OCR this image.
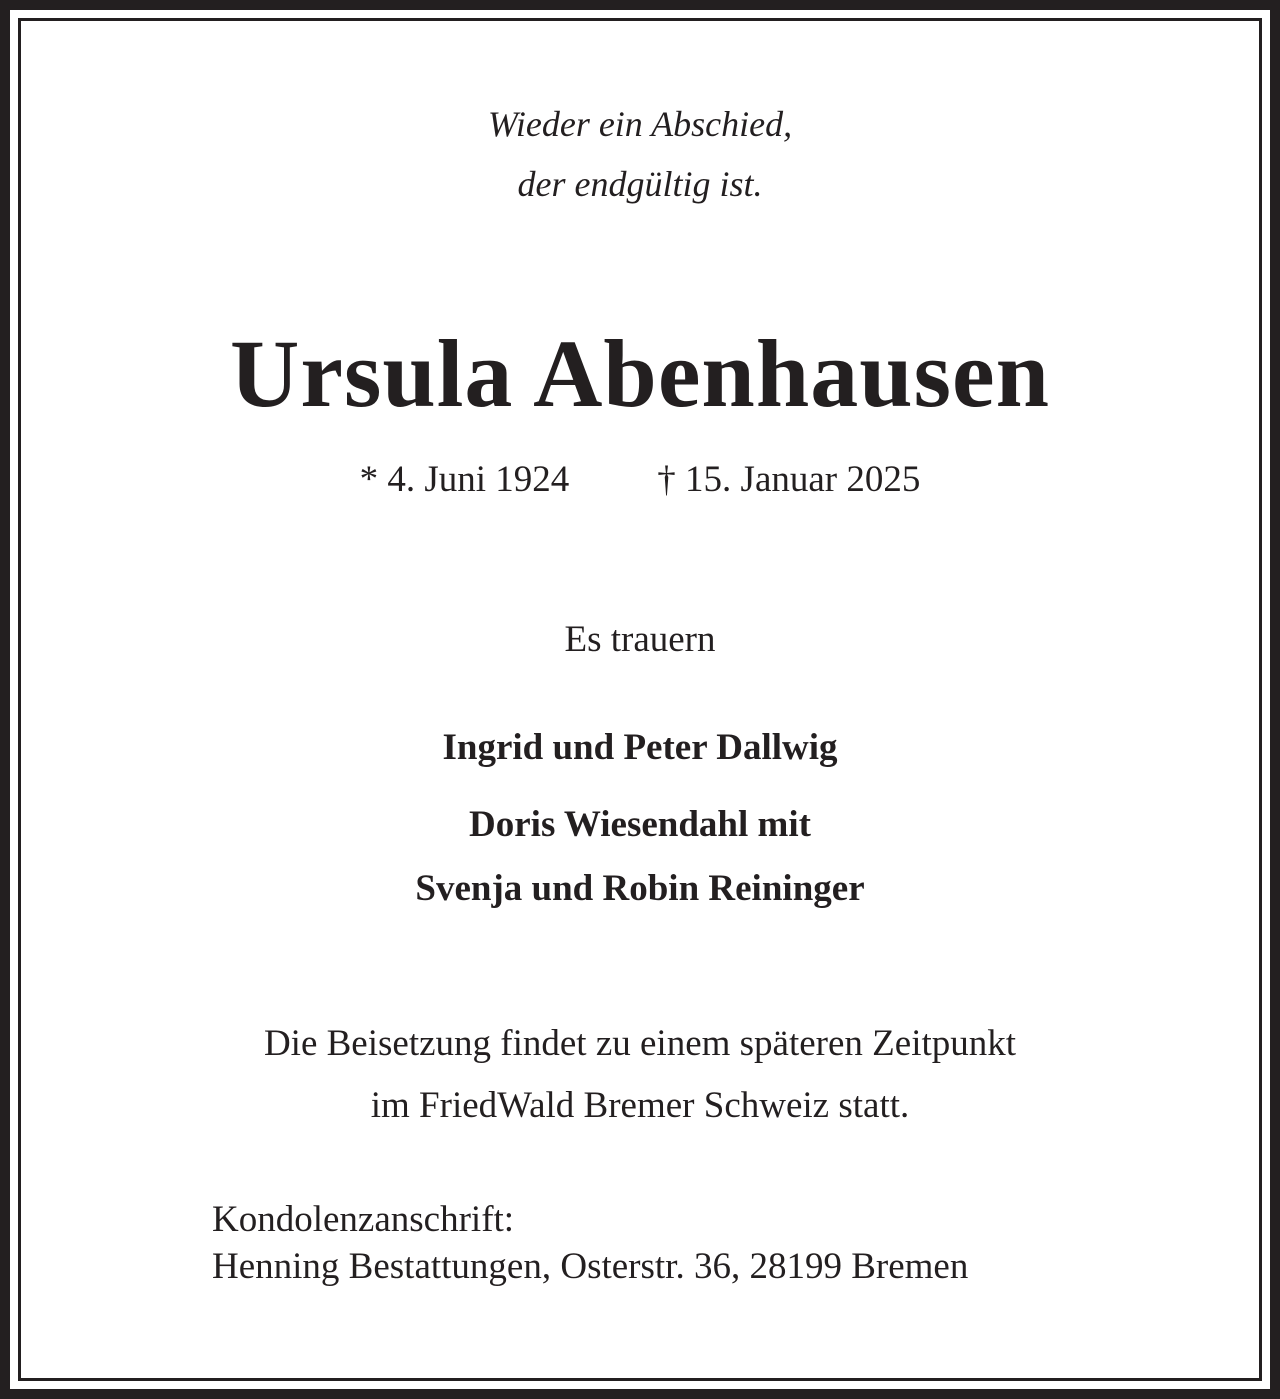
Wieder ein Abschied,
der endgültig ist.
Ursula Abenhausen
* 4. Juni 1924 † 15. Januar 2025
Es trauern
Ingrid und Peter Dallwig
Doris Wiesendahl mit
Svenja und Robin Reininger
Die Beisetzung findet zu einem späteren Zeitpunkt
im FriedWald Bremer Schweiz statt.
Kondolenzanschrift:
Henning Bestattungen, Osterstr. 36, 28199 Bremen
